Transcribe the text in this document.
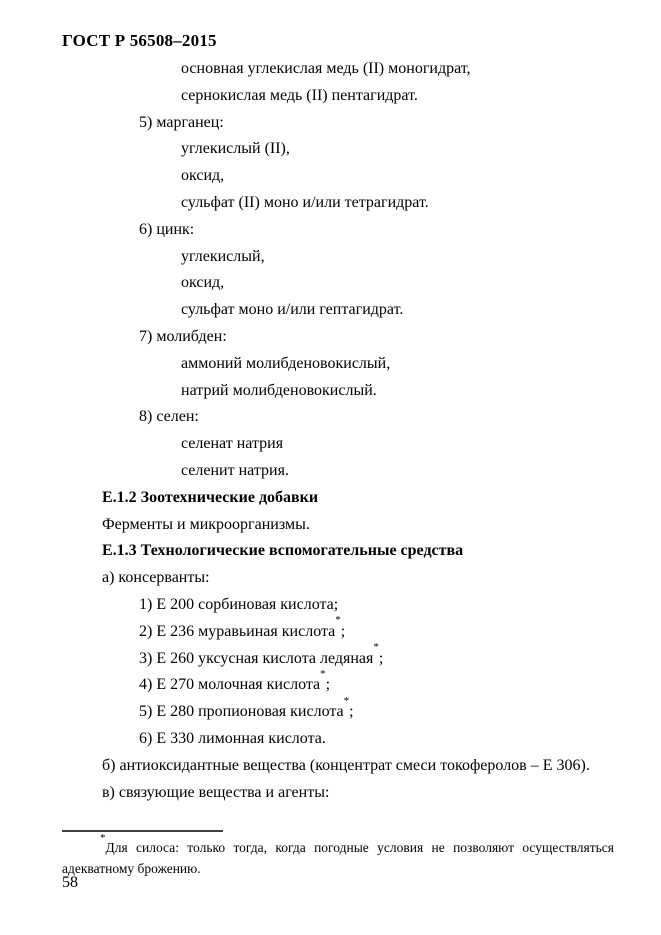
ГОСТ Р 56508–2015
основная углекислая медь (II) моногидрат,
сернокислая медь (II) пентагидрат.
5) марганец:
углекислый (II),
оксид,
сульфат (II) моно и/или тетрагидрат.
6) цинк:
углекислый,
оксид,
сульфат моно и/или гептагидрат.
7) молибден:
аммоний молибденовокислый,
натрий молибденовокислый.
8) селен:
селенат натрия
селенит натрия.
Е.1.2 Зоотехнические добавки
Ферменты и микроорганизмы.
Е.1.3 Технологические вспомогательные средства
а) консерванты:
1) Е 200 сорбиновая кислота;
2) Е 236 муравьиная кислота*;
3) Е 260 уксусная кислота ледяная*;
4) Е 270 молочная кислота*;
5) Е 280 пропионовая кислота*;
6) Е 330 лимонная кислота.
б) антиоксидантные вещества (концентрат смеси токоферолов – Е 306).
в) связующие вещества и агенты:
*Для силоса: только тогда, когда погодные условия не позволяют осуществляться адекватному брожению.
58
